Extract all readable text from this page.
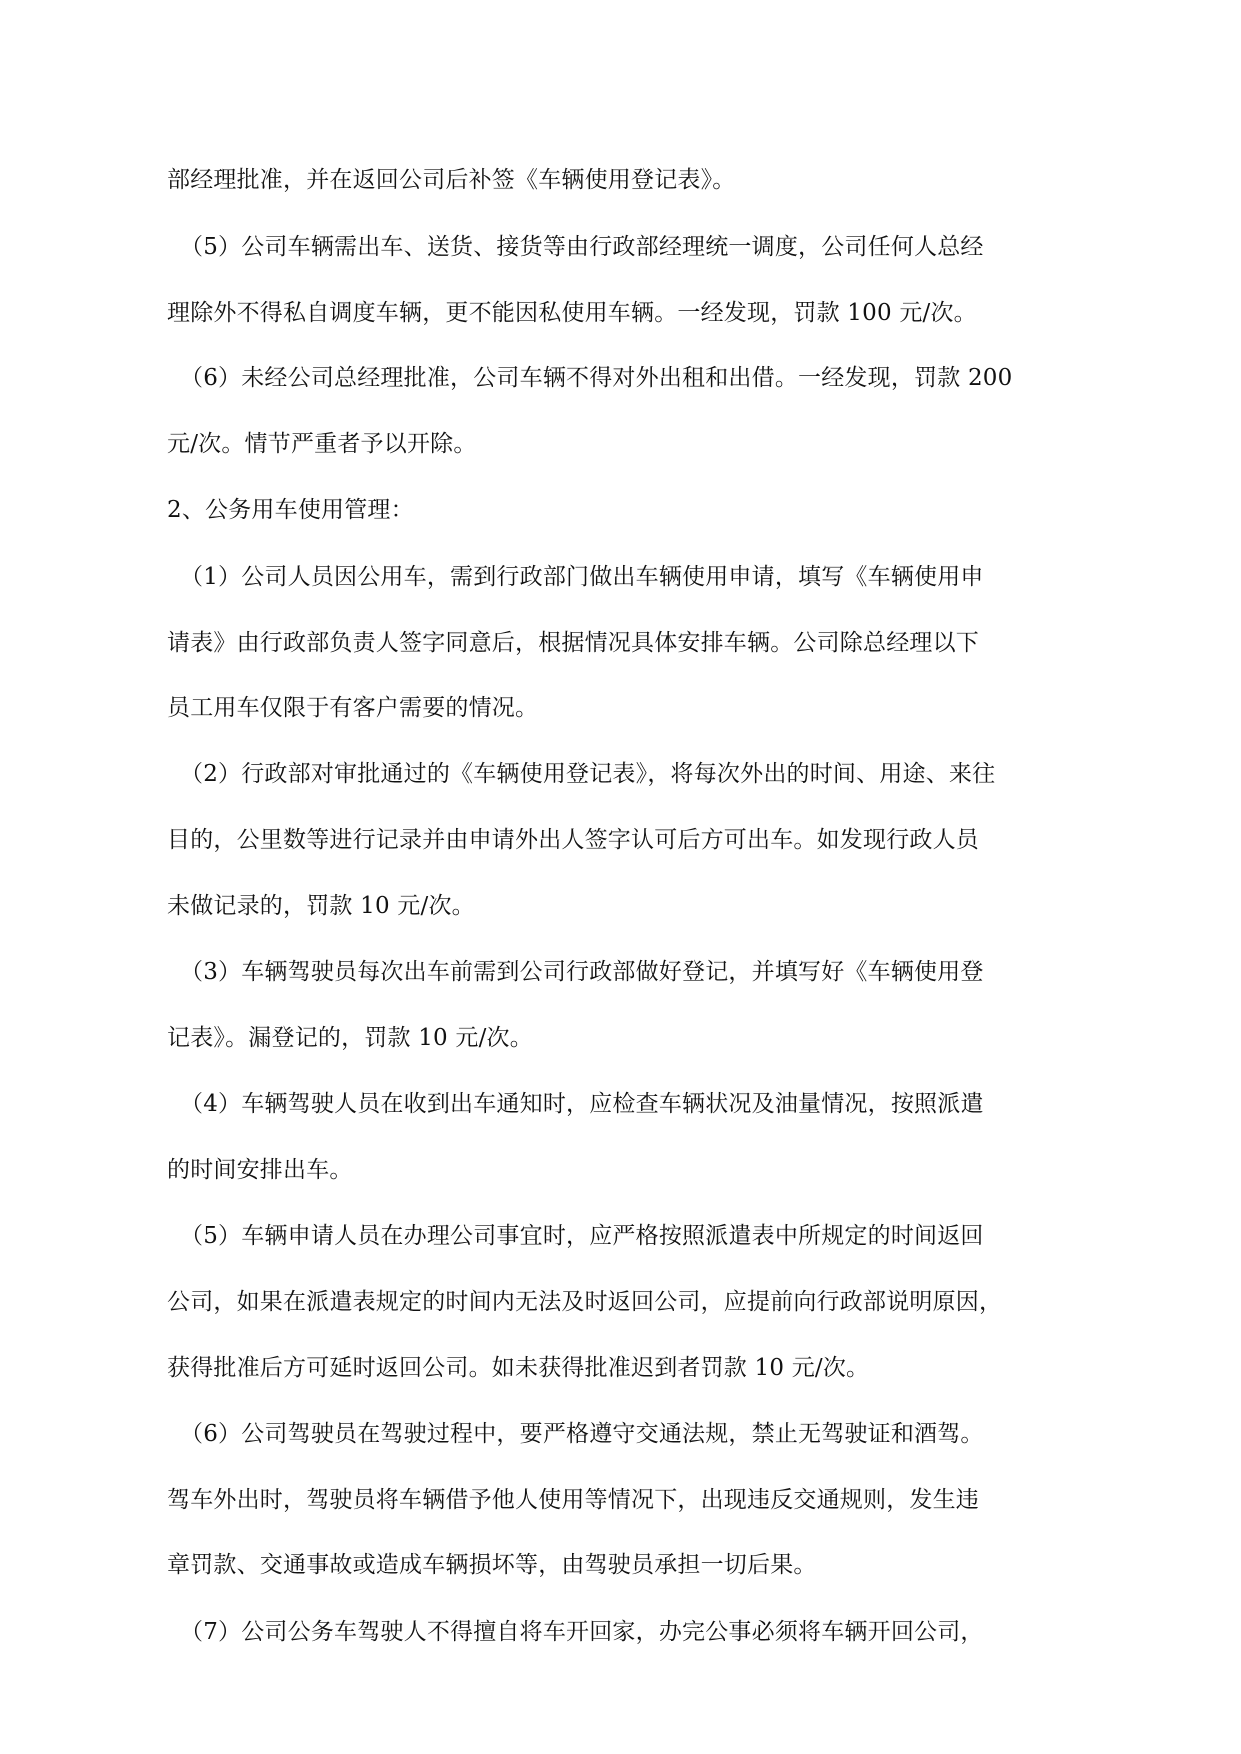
部经理批准，并在返回公司后补签《车辆使用登记表》。
（5）公司车辆需出车、送货、接货等由行政部经理统一调度，公司任何人总经
理除外不得私自调度车辆，更不能因私使用车辆。一经发现，罚款 100 元/次。
（6）未经公司总经理批准，公司车辆不得对外出租和出借。一经发现，罚款 200
元/次。情节严重者予以开除。
2、公务用车使用管理：
（1）公司人员因公用车，需到行政部门做出车辆使用申请，填写《车辆使用申
请表》由行政部负责人签字同意后，根据情况具体安排车辆。公司除总经理以下
员工用车仅限于有客户需要的情况。
（2）行政部对审批通过的《车辆使用登记表》，将每次外出的时间、用途、来往
目的，公里数等进行记录并由申请外出人签字认可后方可出车。如发现行政人员
未做记录的，罚款 10 元/次。
（3）车辆驾驶员每次出车前需到公司行政部做好登记，并填写好《车辆使用登
记表》。漏登记的，罚款 10 元/次。
（4）车辆驾驶人员在收到出车通知时，应检查车辆状况及油量情况，按照派遣
的时间安排出车。
（5）车辆申请人员在办理公司事宜时，应严格按照派遣表中所规定的时间返回
公司，如果在派遣表规定的时间内无法及时返回公司，应提前向行政部说明原因，
获得批准后方可延时返回公司。如未获得批准迟到者罚款 10 元/次。
（6）公司驾驶员在驾驶过程中，要严格遵守交通法规，禁止无驾驶证和酒驾。
驾车外出时，驾驶员将车辆借予他人使用等情况下，出现违反交通规则，发生违
章罚款、交通事故或造成车辆损坏等，由驾驶员承担一切后果。
（7）公司公务车驾驶人不得擅自将车开回家，办完公事必须将车辆开回公司，
